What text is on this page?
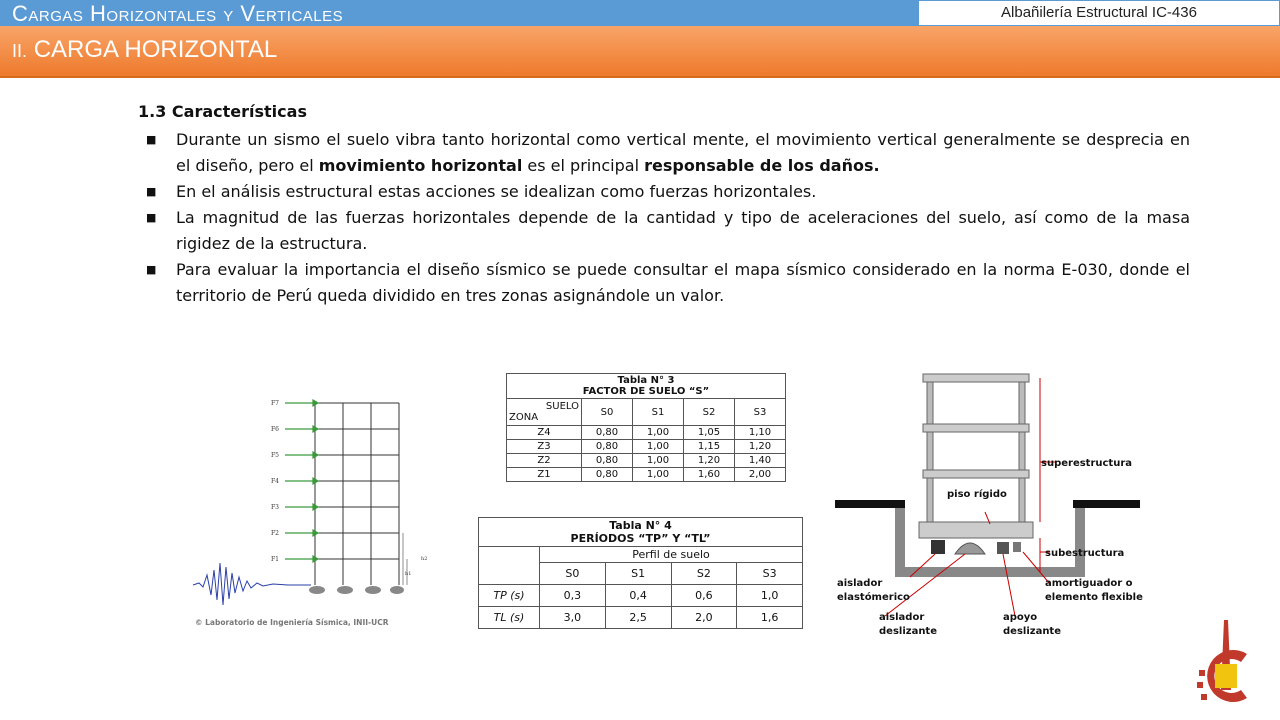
Cargas Horizontales y Verticales	Albañilería Estructural IC-436
II. CARGA HORIZONTAL
1.3 Características
■ Durante un sismo el suelo vibra tanto horizontal como vertical mente, el movimiento vertical generalmente se desprecia en el diseño, pero el movimiento horizontal es el principal responsable de los daños.
■ En el análisis estructural estas acciones se idealizan como fuerzas horizontales.
■ La magnitud de las fuerzas horizontales depende de la cantidad y tipo de aceleraciones del suelo, así como de la masa rigidez de la estructura.
■ Para evaluar la importancia el diseño sísmico se puede consultar el mapa sísmico considerado en la norma E-030, donde el territorio de Perú queda dividido en tres zonas asignándole un valor.
F7
F6
F5
F4
F3
F2
F1
h1
h2
© Laboratorio de Ingeniería Sísmica, INII-UCR
Tabla N° 3
FACTOR DE SUELO “S”				

SUELO
ZONA	S0	S1	S2	S3
Z4	0,80	1,00	1,05	1,10
Z3	0,80	1,00	1,15	1,20
Z2	0,80	1,00	1,20	1,40
Z1	0,80	1,00	1,60	2,00
Tabla N° 4
PERÍODOS “TP” Y “TL”				

	Perfil de suelo			
	S0	S1	S2	S3
TP (s)	0,3	0,4	0,6	1,0
TL (s)	3,0	2,5	2,0	1,6
superestructura
piso rígido
subestructura
aislador
elastómerico
aislador
deslizante
apoyo
deslizante
amortiguador o
elemento flexible
